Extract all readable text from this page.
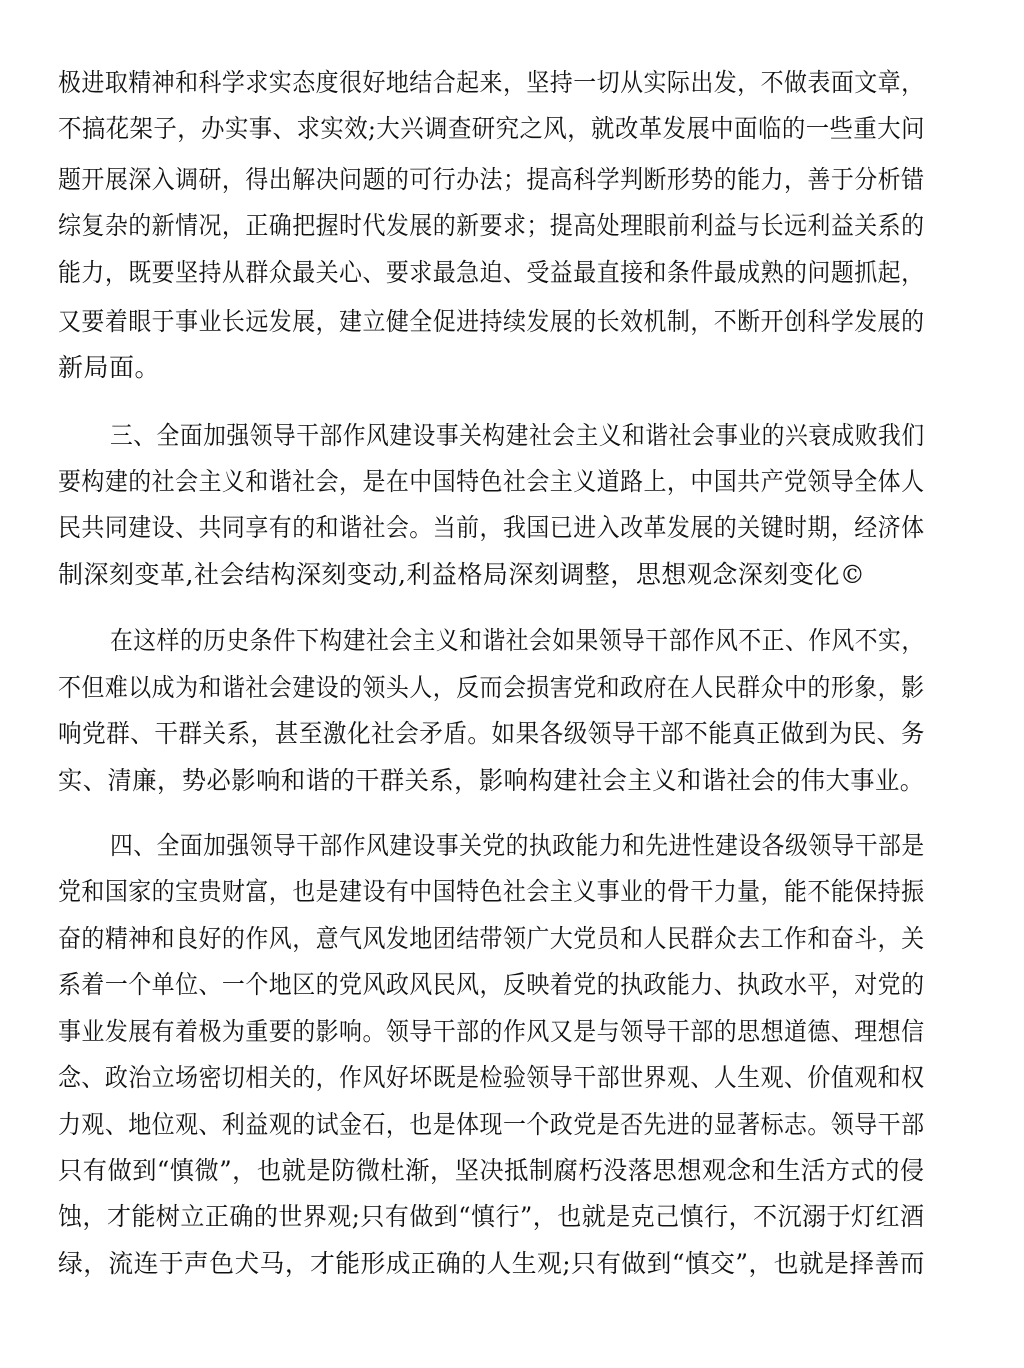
极进取精神和科学求实态度很好地结合起来，坚持一切从实际出发，不做表面文章，
不搞花架子，办实事、求实效;大兴调查研究之风，就改革发展中面临的一些重大问
题开展深入调研，得出解决问题的可行办法；提高科学判断形势的能力，善于分析错
综复杂的新情况，正确把握时代发展的新要求；提高处理眼前利益与长远利益关系的
能力，既要坚持从群众最关心、要求最急迫、受益最直接和条件最成熟的问题抓起，
又要着眼于事业长远发展，建立健全促进持续发展的长效机制，不断开创科学发展的
新局面。
三、全面加强领导干部作风建设事关构建社会主义和谐社会事业的兴衰成败我们
要构建的社会主义和谐社会，是在中国特色社会主义道路上，中国共产党领导全体人
民共同建设、共同享有的和谐社会。当前，我国已进入改革发展的关键时期，经济体
制深刻变革,社会结构深刻变动,利益格局深刻调整，思想观念深刻变化©
在这样的历史条件下构建社会主义和谐社会如果领导干部作风不正、作风不实，
不但难以成为和谐社会建设的领头人，反而会损害党和政府在人民群众中的形象，影
响党群、干群关系，甚至激化社会矛盾。如果各级领导干部不能真正做到为民、务
实、清廉，势必影响和谐的干群关系，影响构建社会主义和谐社会的伟大事业。
四、全面加强领导干部作风建设事关党的执政能力和先进性建设各级领导干部是
党和国家的宝贵财富，也是建设有中国特色社会主义事业的骨干力量，能不能保持振
奋的精神和良好的作风，意气风发地团结带领广大党员和人民群众去工作和奋斗，关
系着一个单位、一个地区的党风政风民风，反映着党的执政能力、执政水平，对党的
事业发展有着极为重要的影响。领导干部的作风又是与领导干部的思想道德、理想信
念、政治立场密切相关的，作风好坏既是检验领导干部世界观、人生观、价值观和权
力观、地位观、利益观的试金石，也是体现一个政党是否先进的显著标志。领导干部
只有做到“慎微”，也就是防微杜渐，坚决抵制腐朽没落思想观念和生活方式的侵
蚀，才能树立正确的世界观;只有做到“慎行”，也就是克己慎行，不沉溺于灯红酒
绿，流连于声色犬马，才能形成正确的人生观;只有做到“慎交”，也就是择善而
